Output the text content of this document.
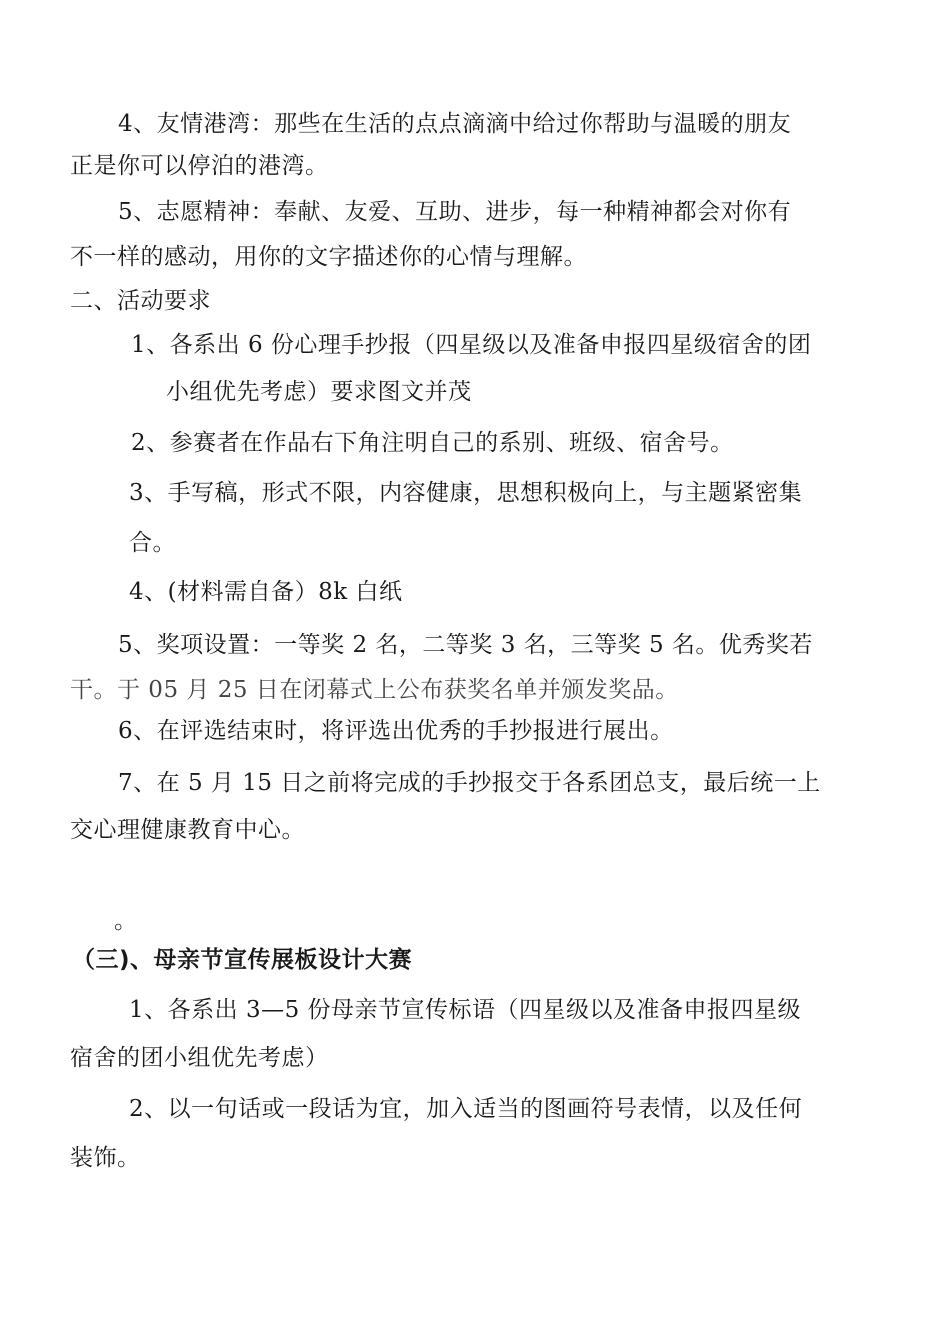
4、友情港湾：那些在生活的点点滴滴中给过你帮助与温暖的朋友
正是你可以停泊的港湾。
5、志愿精神：奉献、友爱、互助、进步，每一种精神都会对你有
不一样的感动，用你的文字描述你的心情与理解。
二、活动要求
1、各系出 6 份心理手抄报（四星级以及准备申报四星级宿舍的团
小组优先考虑）要求图文并茂
2、参赛者在作品右下角注明自己的系别、班级、宿舍号。
3、手写稿，形式不限，内容健康，思想积极向上，与主题紧密集
合。
4、(材料需自备）8k 白纸
5、奖项设置：一等奖 2 名，二等奖 3 名，三等奖 5 名。优秀奖若
干。于 05 月 25 日在闭幕式上公布获奖名单并颁发奖品。
6、在评选结束时，将评选出优秀的手抄报进行展出。
7、在 5 月 15 日之前将完成的手抄报交于各系团总支，最后统一上
交心理健康教育中心。
。
（三)、母亲节宣传展板设计大赛
1、各系出 3—5 份母亲节宣传标语（四星级以及准备申报四星级
宿舍的团小组优先考虑）
2、以一句话或一段话为宜，加入适当的图画符号表情，以及任何
装饰。
